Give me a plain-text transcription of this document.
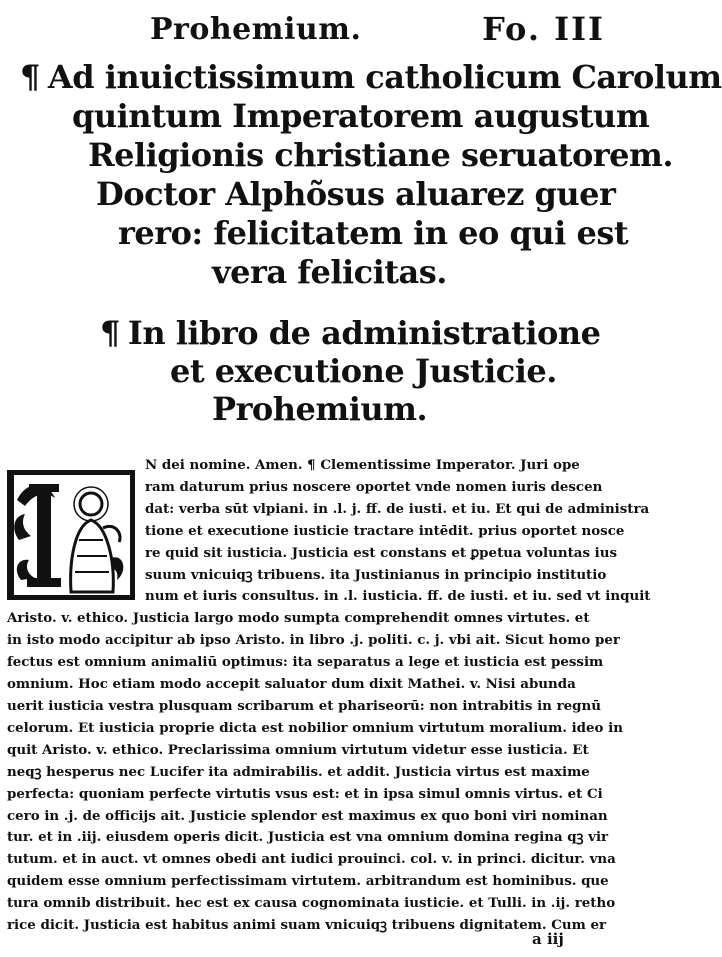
Prohemium.	Fo. III
¶ Ad inuictissimum catholicum Carolum
quintum Imperatorem augustum
Religionis christiane seruatorem.
Doctor Alphõsus aluarez guer
rero: felicitatem in eo qui est
vera felicitas.
¶ In libro de administratione
et executione Justicie.
Prohemium.
N dei nomine. Amen. ¶ Clementissime Imperator. Juri ope
ram daturum prius noscere oportet vnde nomen iuris descen
dat: verba sūt vlpiani. in .l. j. ff. de iusti. et iu. Et qui de administra
tione et executione iusticie tractare intēdit. prius oportet nosce
re quid sit iusticia. Justicia est constans et ꝑpetua voluntas ius
suum vnicuiqꝫ tribuens. ita Justinianus in principio institutio
num et iuris consultus. in .l. iusticia. ff. de iusti. et iu. sed vt inquit
Aristo. v. ethico. Justicia largo modo sumpta comprehendit omnes virtutes. et
in isto modo accipitur ab ipso Aristo. in libro .j. politi. c. j. vbi ait. Sicut homo per
fectus est omnium animaliū optimus: ita separatus a lege et iusticia est pessim
omnium. Hoc etiam modo accepit saluator dum dixit Mathei. v. Nisi abunda
uerit iusticia vestra plusquam scribarum et phariseorū: non intrabitis in regnū
celorum. Et iusticia proprie dicta est nobilior omnium virtutum moralium. ideo in
quit Aristo. v. ethico. Preclarissima omnium virtutum videtur esse iusticia. Et
neqꝫ hesperus nec Lucifer ita admirabilis. et addit. Justicia virtus est maxime
perfecta: quoniam perfecte virtutis vsus est: et in ipsa simul omnis virtus. et Ci
cero in .j. de officijs ait. Justicie splendor est maximus ex quo boni viri nominan
tur. et in .iij. eiusdem operis dicit. Justicia est vna omnium domina regina qꝫ vir
tutum. et in auct. vt omnes obedi ant iudici prouinci. col. v. in princi. dicitur. vna
quidem esse omnium perfectissimam virtutem. arbitrandum est hominibus. que
tura omnib distribuit. hec est ex causa cognominata iusticie. et Tulli. in .ij. retho
rice dicit. Justicia est habitus animi suam vnicuiqꝫ tribuens dignitatem. Cum er
a iij
